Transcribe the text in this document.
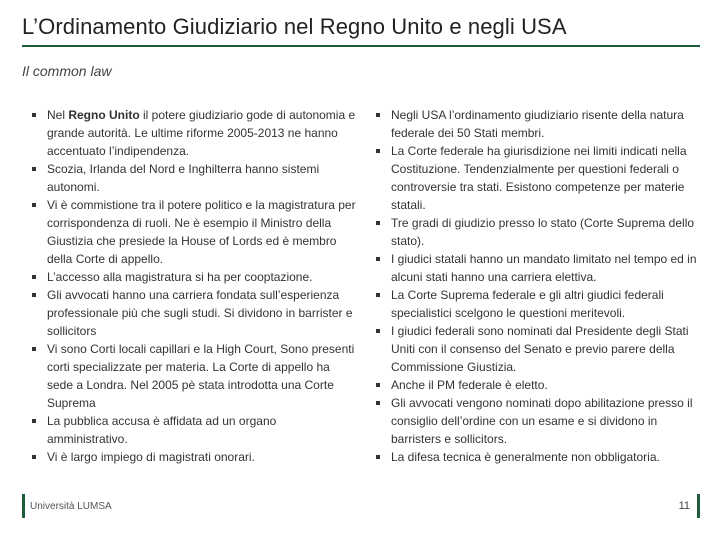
L’Ordinamento Giudiziario nel Regno Unito e negli USA
Il common law
Nel Regno Unito il potere giudiziario gode di autonomia e grande autorità. Le ultime riforme 2005-2013 ne hanno accentuato l’indipendenza.
Scozia, Irlanda del Nord e Inghilterra hanno sistemi autonomi.
Vi è commistione tra il potere politico e la magistratura per corrispondenza di ruoli. Ne è esempio il Ministro della Giustizia che presiede la House of Lords ed è membro della Corte di appello.
L’accesso alla magistratura si ha per cooptazione.
Gli avvocati hanno una carriera fondata sull’esperienza professionale più che sugli studi. Si dividono in barrister e sollicitors
Vi sono Corti locali capillari e la High Court, Sono presenti corti specializzate per materia. La Corte di appello ha sede a Londra. Nel 2005 pè stata introdotta una Corte Suprema
La pubblica accusa è affidata ad un organo amministrativo.
Vi è largo impiego di magistrati onorari.
Negli USA l’ordinamento giudiziario risente della natura federale dei 50 Stati membri.
La Corte federale ha giurisdizione nei limiti indicati nella Costituzione. Tendenzialmente per questioni federali o controversie tra stati. Esistono competenze per materie statali.
Tre gradi di giudizio presso lo stato (Corte Suprema dello stato).
I giudici statali hanno un mandato limitato nel tempo ed in alcuni stati hanno una carriera elettiva.
La Corte Suprema federale e gli altri giudici federali specialistici scelgono le questioni meritevoli.
I giudici federali sono nominati dal Presidente degli Stati Uniti con il consenso del Senato e previo parere della Commissione Giustizia.
Anche il PM federale è eletto.
Gli avvocati vengono nominati dopo abilitazione presso il consiglio dell’ordine con un esame e si dividono in barristers e sollicitors.
La difesa tecnica è generalmente non obbligatoria.
Università LUMSA	11
